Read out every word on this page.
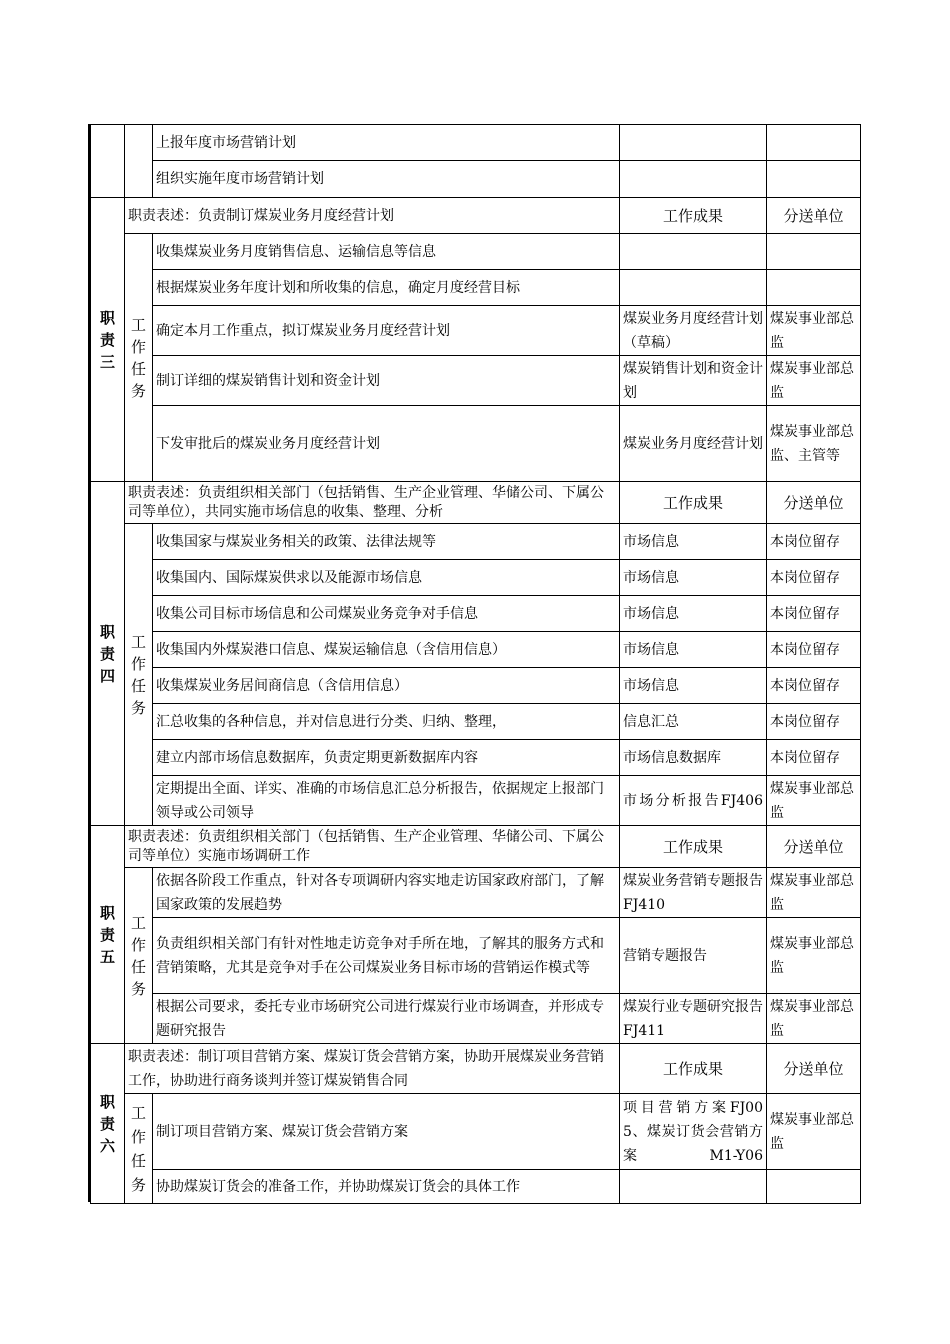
		上报年度市场营销计划		
		组织实施年度市场营销计划		

职责三	职责表述：负责制订煤炭业务月度经营计划		工作成果	分送单位

	工作任务	收集煤炭业务月度销售信息、运输信息等信息		
		根据煤炭业务年度计划和所收集的信息，确定月度经营目标		
		确定本月工作重点，拟订煤炭业务月度经营计划	煤炭业务月度经营计划（草稿）	煤炭事业部总监
		制订详细的煤炭销售计划和资金计划	煤炭销售计划和资金计划	煤炭事业部总监
		下发审批后的煤炭业务月度经营计划	煤炭业务月度经营计划	煤炭事业部总监、主管等

职责四	职责表述：负责组织相关部门（包括销售、生产企业管理、华储公司、下属公司等单位），共同实施市场信息的收集、整理、分析		工作成果	分送单位

	工作任务	收集国家与煤炭业务相关的政策、法律法规等	市场信息	本岗位留存
		收集国内、国际煤炭供求以及能源市场信息	市场信息	本岗位留存
		收集公司目标市场信息和公司煤炭业务竞争对手信息	市场信息	本岗位留存
		收集国内外煤炭港口信息、煤炭运输信息（含信用信息）	市场信息	本岗位留存
		收集煤炭业务居间商信息（含信用信息）	市场信息	本岗位留存
		汇总收集的各种信息，并对信息进行分类、归纳、整理，	信息汇总	本岗位留存
		建立内部市场信息数据库，负责定期更新数据库内容	市场信息数据库	本岗位留存
		定期提出全面、详实、准确的市场信息汇总分析报告，依据规定上报部门领导或公司领导	市场分析报告FJ406	煤炭事业部总监

职责五	职责表述：负责组织相关部门（包括销售、生产企业管理、华储公司、下属公司等单位）实施市场调研工作		工作成果	分送单位

	工作任务	依据各阶段工作重点，针对各专项调研内容实地走访国家政府部门，了解国家政策的发展趋势	煤炭业务营销专题报告 FJ410	煤炭事业部总监
		负责组织相关部门有针对性地走访竞争对手所在地，了解其的服务方式和营销策略，尤其是竞争对手在公司煤炭业务目标市场的营销运作模式等	营销专题报告	煤炭事业部总监
		根据公司要求，委托专业市场研究公司进行煤炭行业市场调查，并形成专题研究报告	煤炭行业专题研究报告 FJ411	煤炭事业部总监

职责六	职责表述：制订项目营销方案、煤炭订货会营销方案，协助开展煤炭业务营销工作，协助进行商务谈判并签订煤炭销售合同		工作成果	分送单位

	工作任务	制订项目营销方案、煤炭订货会营销方案	项目营销方案FJ005、煤炭订货会营销方案 M1-Y06	煤炭事业部总监
		协助煤炭订货会的准备工作，并协助煤炭订货会的具体工作		
